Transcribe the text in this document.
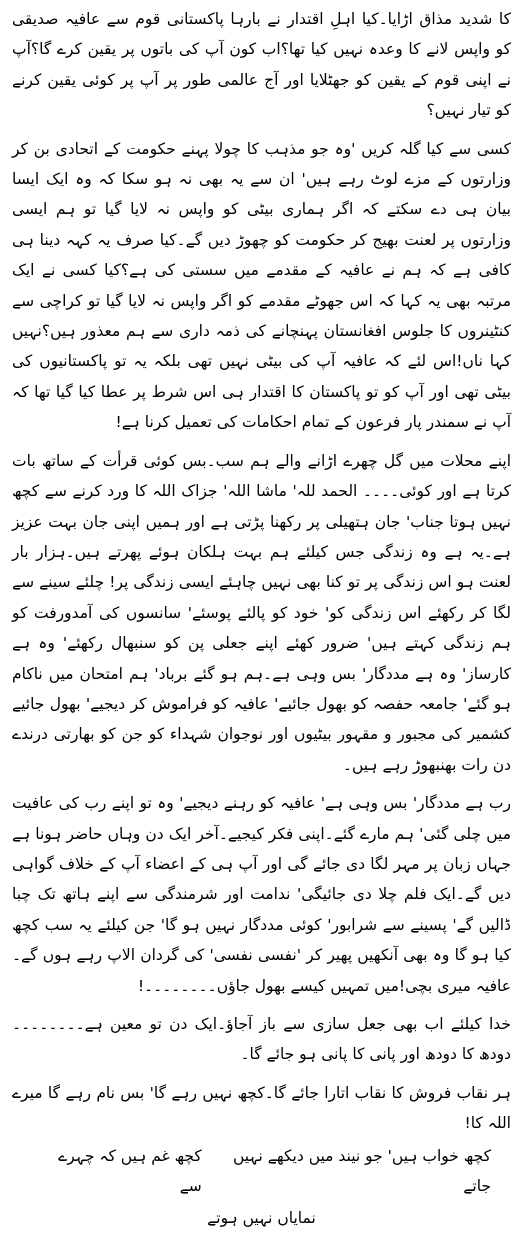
کا شدید مذاق اڑایا۔کیا اہلِ اقتدار نے بارہا پاکستانی قوم سے عافیہ صدیقی کو واپس لانے کا وعدہ نہیں کیا تھا؟اب کون آپ کی باتوں پر یقین کرے گا؟آپ نے اپنی قوم کے یقین کو جھٹلایا اور آج عالمی طور پر آپ پر کوئی یقین کرنے کو تیار نہیں؟

کسی سے کیا گلہ کریں 'وہ جو مذہب کا چولا پہنے حکومت کے اتحادی بن کر وزارتوں کے مزے لوٹ رہے ہیں' ان سے یہ بھی نہ ہو سکا کہ وہ ایک ایسا بیان ہی دے سکتے کہ اگر ہماری بیٹی کو واپس نہ لایا گیا تو ہم ایسی وزارتوں پر لعنت بھیج کر حکومت کو چھوڑ دیں گے۔کیا صرف یہ کہہ دینا ہی کافی ہے کہ ہم نے عافیہ کے مقدمے میں سستی کی ہے؟کیا کسی نے ایک مرتبہ بھی یہ کہا کہ اس جھوٹے مقدمے کو اگر واپس نہ لایا گیا تو کراچی سے کنٹینروں کا جلوس افغانستان پہنچانے کی ذمہ داری سے ہم معذور ہیں؟نہیں کہا ناں!اس لئے کہ عافیہ آپ کی بیٹی نہیں تھی بلکہ یہ تو پاکستانیوں کی بیٹی تھی اور آپ کو تو پاکستان کا اقتدار ہی اس شرط پر عطا کیا گیا تھا کہ آپ نے سمندر پار فرعون کے تمام احکامات کی تعمیل کرنا ہے!

اپنے محلات میں گل چھرے اڑانے والے ہم سب۔بس کوئی قرأت کے ساتھ بات کرتا ہے اور کوئی۔۔۔۔ الحمد للہ' ماشا اللہ' جزاک اللہ کا ورد کرنے سے کچھ نہیں ہوتا جناب' جان ہتھیلی پر رکھنا پڑتی ہے اور ہمیں اپنی جان بہت عزیز ہے۔یہ ہے وہ زندگی جس کیلئے ہم بہت ہلکان ہوئے پھرتے ہیں۔ہزار بار لعنت ہو اس زندگی پر تو کنا بھی نہیں چاہئے ایسی زندگی پر! چلئے سینے سے لگا کر رکھئے اس زندگی کو' خود کو پالئے پوسئے' سانسوں کی آمدورفت کو ہم زندگی کہتے ہیں' ضرور کھئے اپنے جعلی پن کو سنبھال رکھئے' وہ ہے کارساز' وہ ہے مددگار' بس وہی ہے۔ہم ہو گئے برباد' ہم امتحان میں ناکام ہو گئے' جامعہ حفصہ کو بھول جائیے' عافیہ کو فراموش کر دیجیے' بھول جائیے کشمیر کی مجبور و مقہور بیٹیوں اور نوجوان شہداء کو جن کو بھارتی درندے دن رات بھنبھوڑ رہے ہیں۔

رب ہے مددگار' بس وہی ہے' عافیہ کو رہنے دیجیے' وہ تو اپنے رب کی عافیت میں چلی گئی' ہم مارے گئے۔اپنی فکر کیجیے۔آخر ایک دن وہاں حاضر ہونا ہے جہاں زبان پر مہر لگا دی جائے گی اور آپ ہی کے اعضاء آپ کے خلاف گواہی دیں گے۔ایک فلم چلا دی جائیگی' ندامت اور شرمندگی سے اپنے ہاتھ تک چبا ڈالیں گے' پسینے سے شرابور' کوئی مددگار نہیں ہو گا' جن کیلئے یہ سب کچھ کیا ہو گا وہ بھی آنکھیں پھیر کر 'نفسی نفسی' کی گردان الاپ رہے ہوں گے۔عافیہ میری بچی!میں تمہیں کیسے بھول جاؤں۔۔۔۔۔۔۔۔!

خدا کیلئے اب بھی جعل سازی سے باز آجاؤ۔ایک دن تو معین ہے۔۔۔۔۔۔۔۔دودھ کا دودھ اور پانی کا پانی ہو جائے گا۔

ہر نقاب فروش کا نقاب اتارا جائے گا۔کچھ نہیں رہے گا' بس نام رہے گا میرے اللہ کا!

کچھ خواب ہیں' جو نیند میں دیکھے نہیں جاتے
کچھ غم ہیں کہ چہرے سے
نمایاں نہیں ہوتے
